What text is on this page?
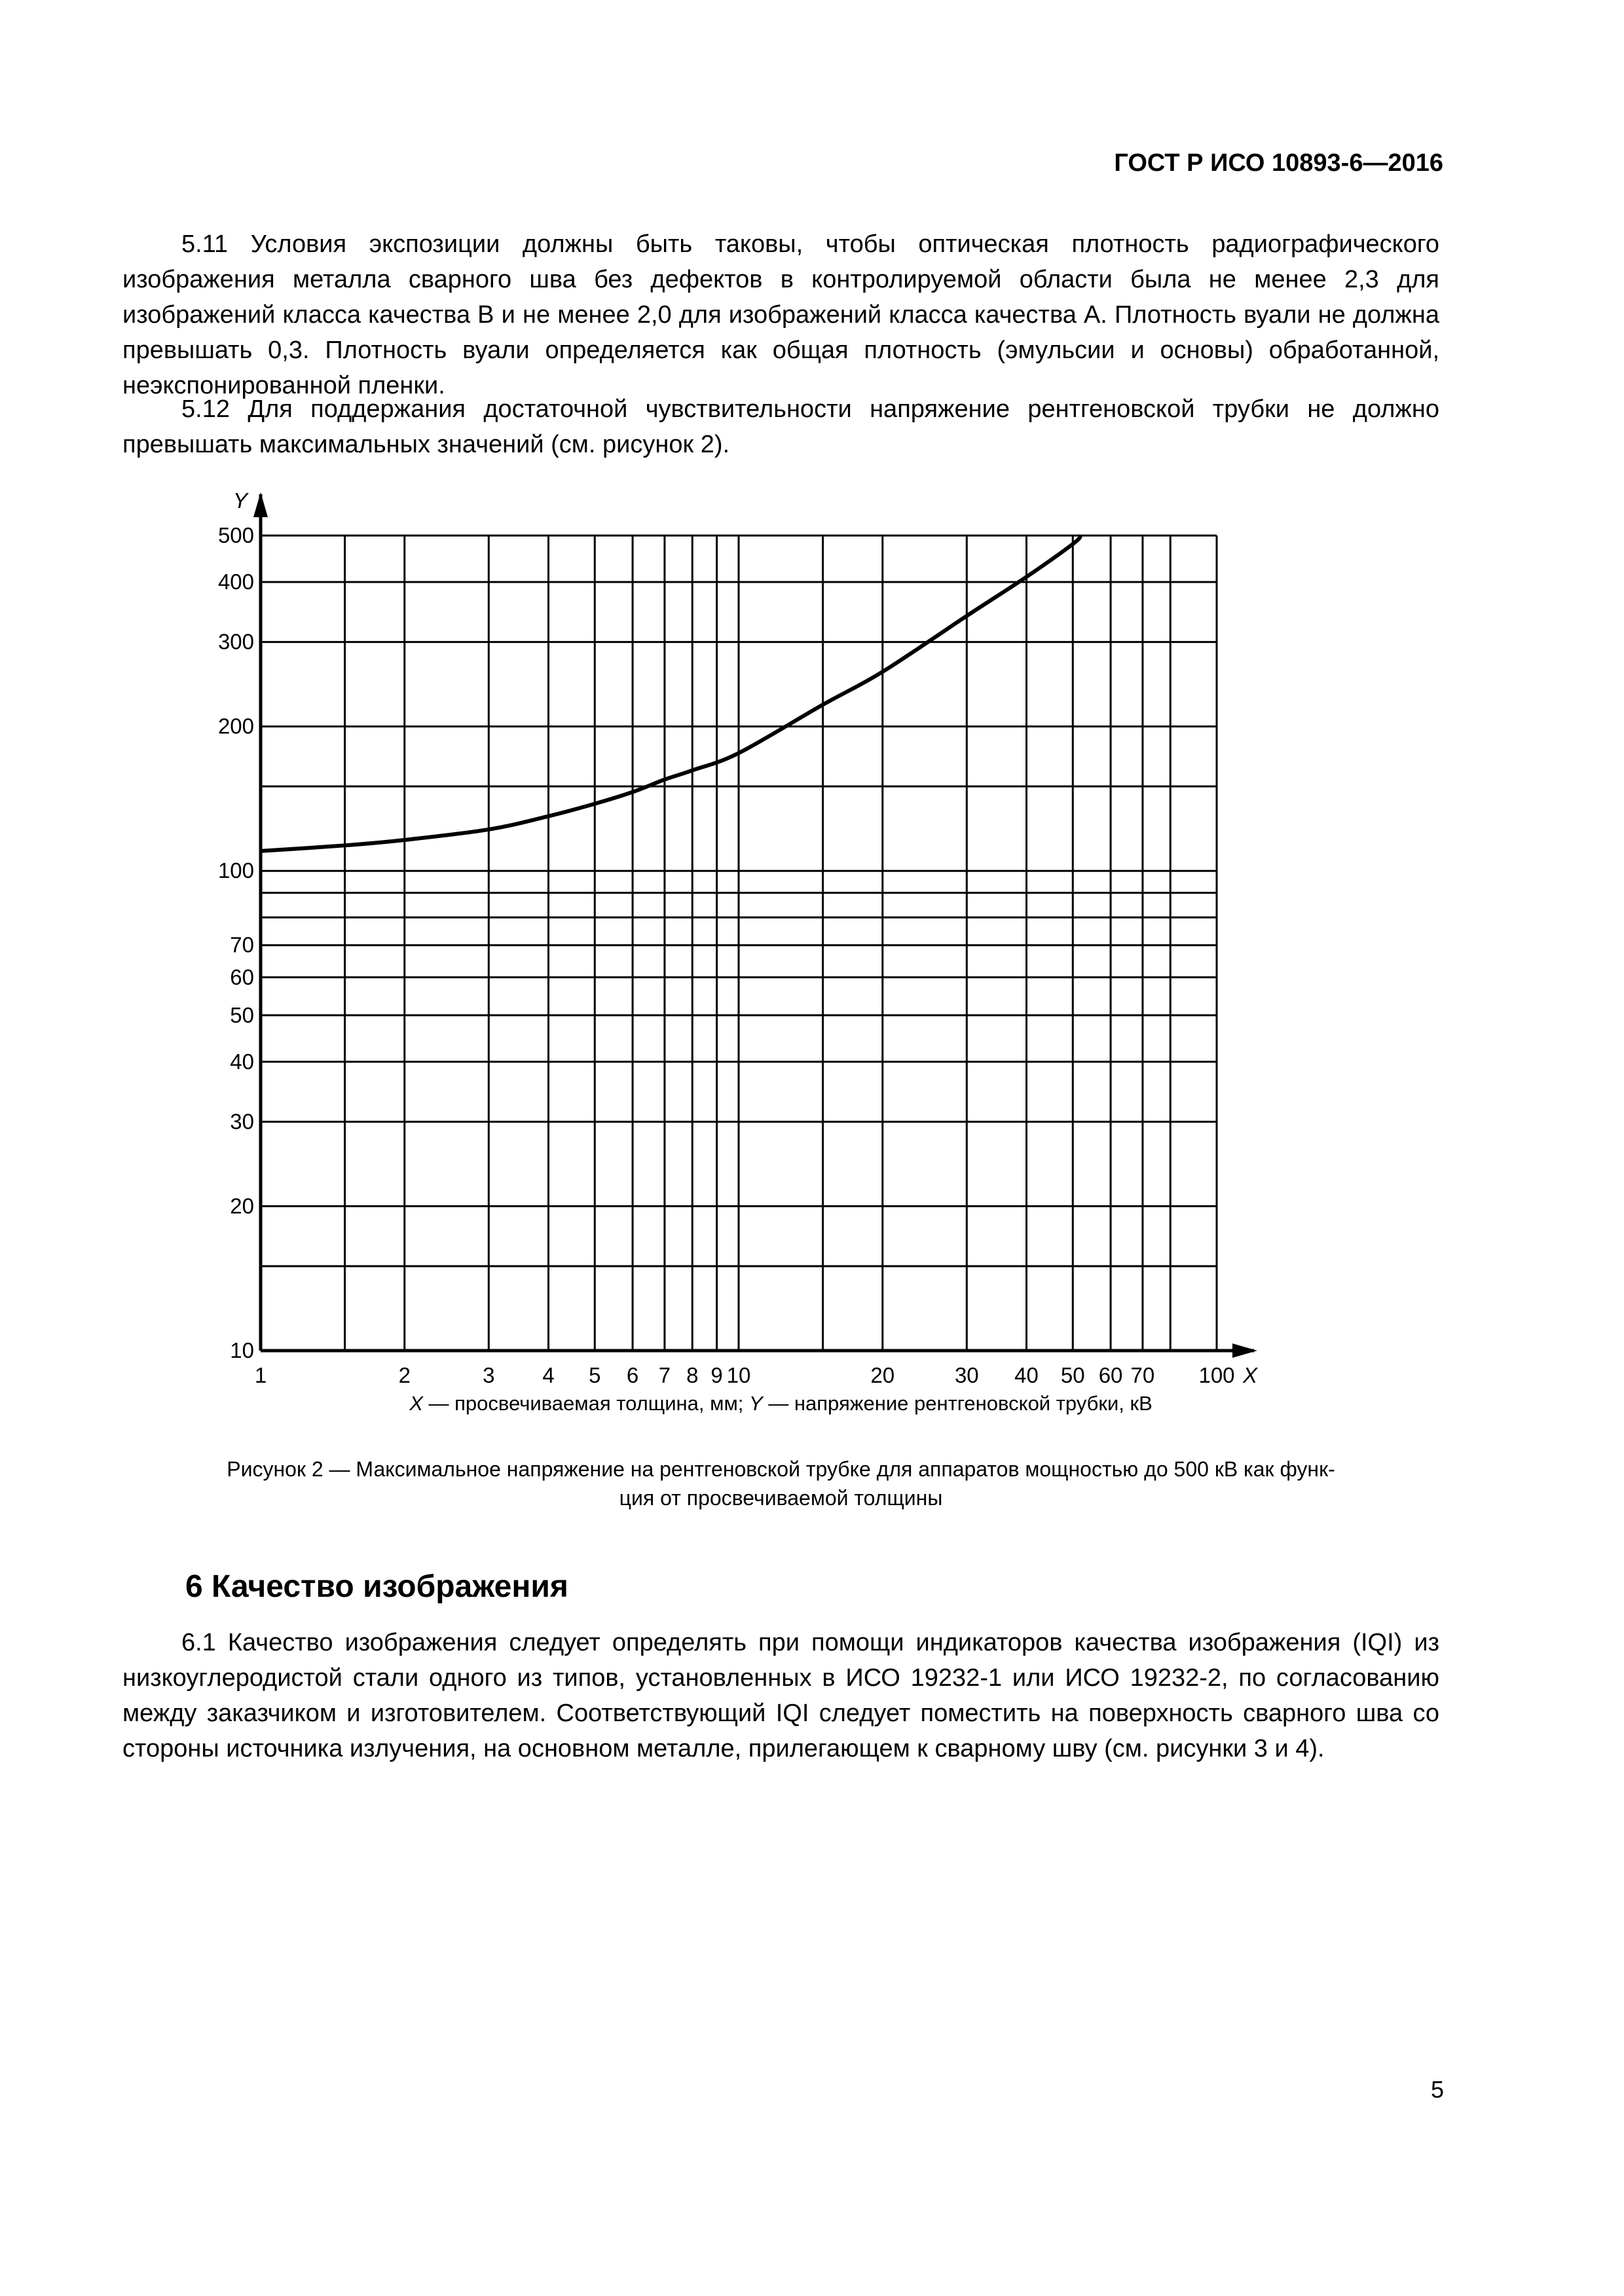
ГОСТ Р ИСО 10893-6—2016

5.11 Условия экспозиции должны быть таковы, чтобы оптическая плотность радиографического изображения металла сварного шва без дефектов в контролируемой области была не менее 2,3 для изображений класса качества B и не менее 2,0 для изображений класса качества А. Плотность вуали не должна превышать 0,3. Плотность вуали определяется как общая плотность (эмульсии и основы) обработанной, неэкспонированной пленки.

5.12 Для поддержания достаточной чувствительности напряжение рентгеновской трубки не должно превышать максимальных значений (см. рисунок 2).

1	2	3 4 5 6 7 8 9 10	20	30 40 50 60 70 100
10
20
30
40
50
60
70
100
200
300
400
500
X
Y
X — просвечиваемая толщина, мм; Y — напряжение рентгеновской трубки, кВ
Рисунок 2 — Максимальное напряжение на рентгеновской трубке для аппаратов мощностью до 500 кВ как функ-
ция от просвечиваемой толщины
6 Качество изображения

6.1 Качество изображения следует определять при помощи индикаторов качества изображения (IQI) из низкоуглеродистой стали одного из типов, установленных в ИСО 19232-1 или ИСО 19232-2, по согласованию между заказчиком и изготовителем. Соответствующий IQI следует поместить на поверхность сварного шва со стороны источника излучения, на основном металле, прилегающем к сварному шву (см. рисунки 3 и 4).

5
